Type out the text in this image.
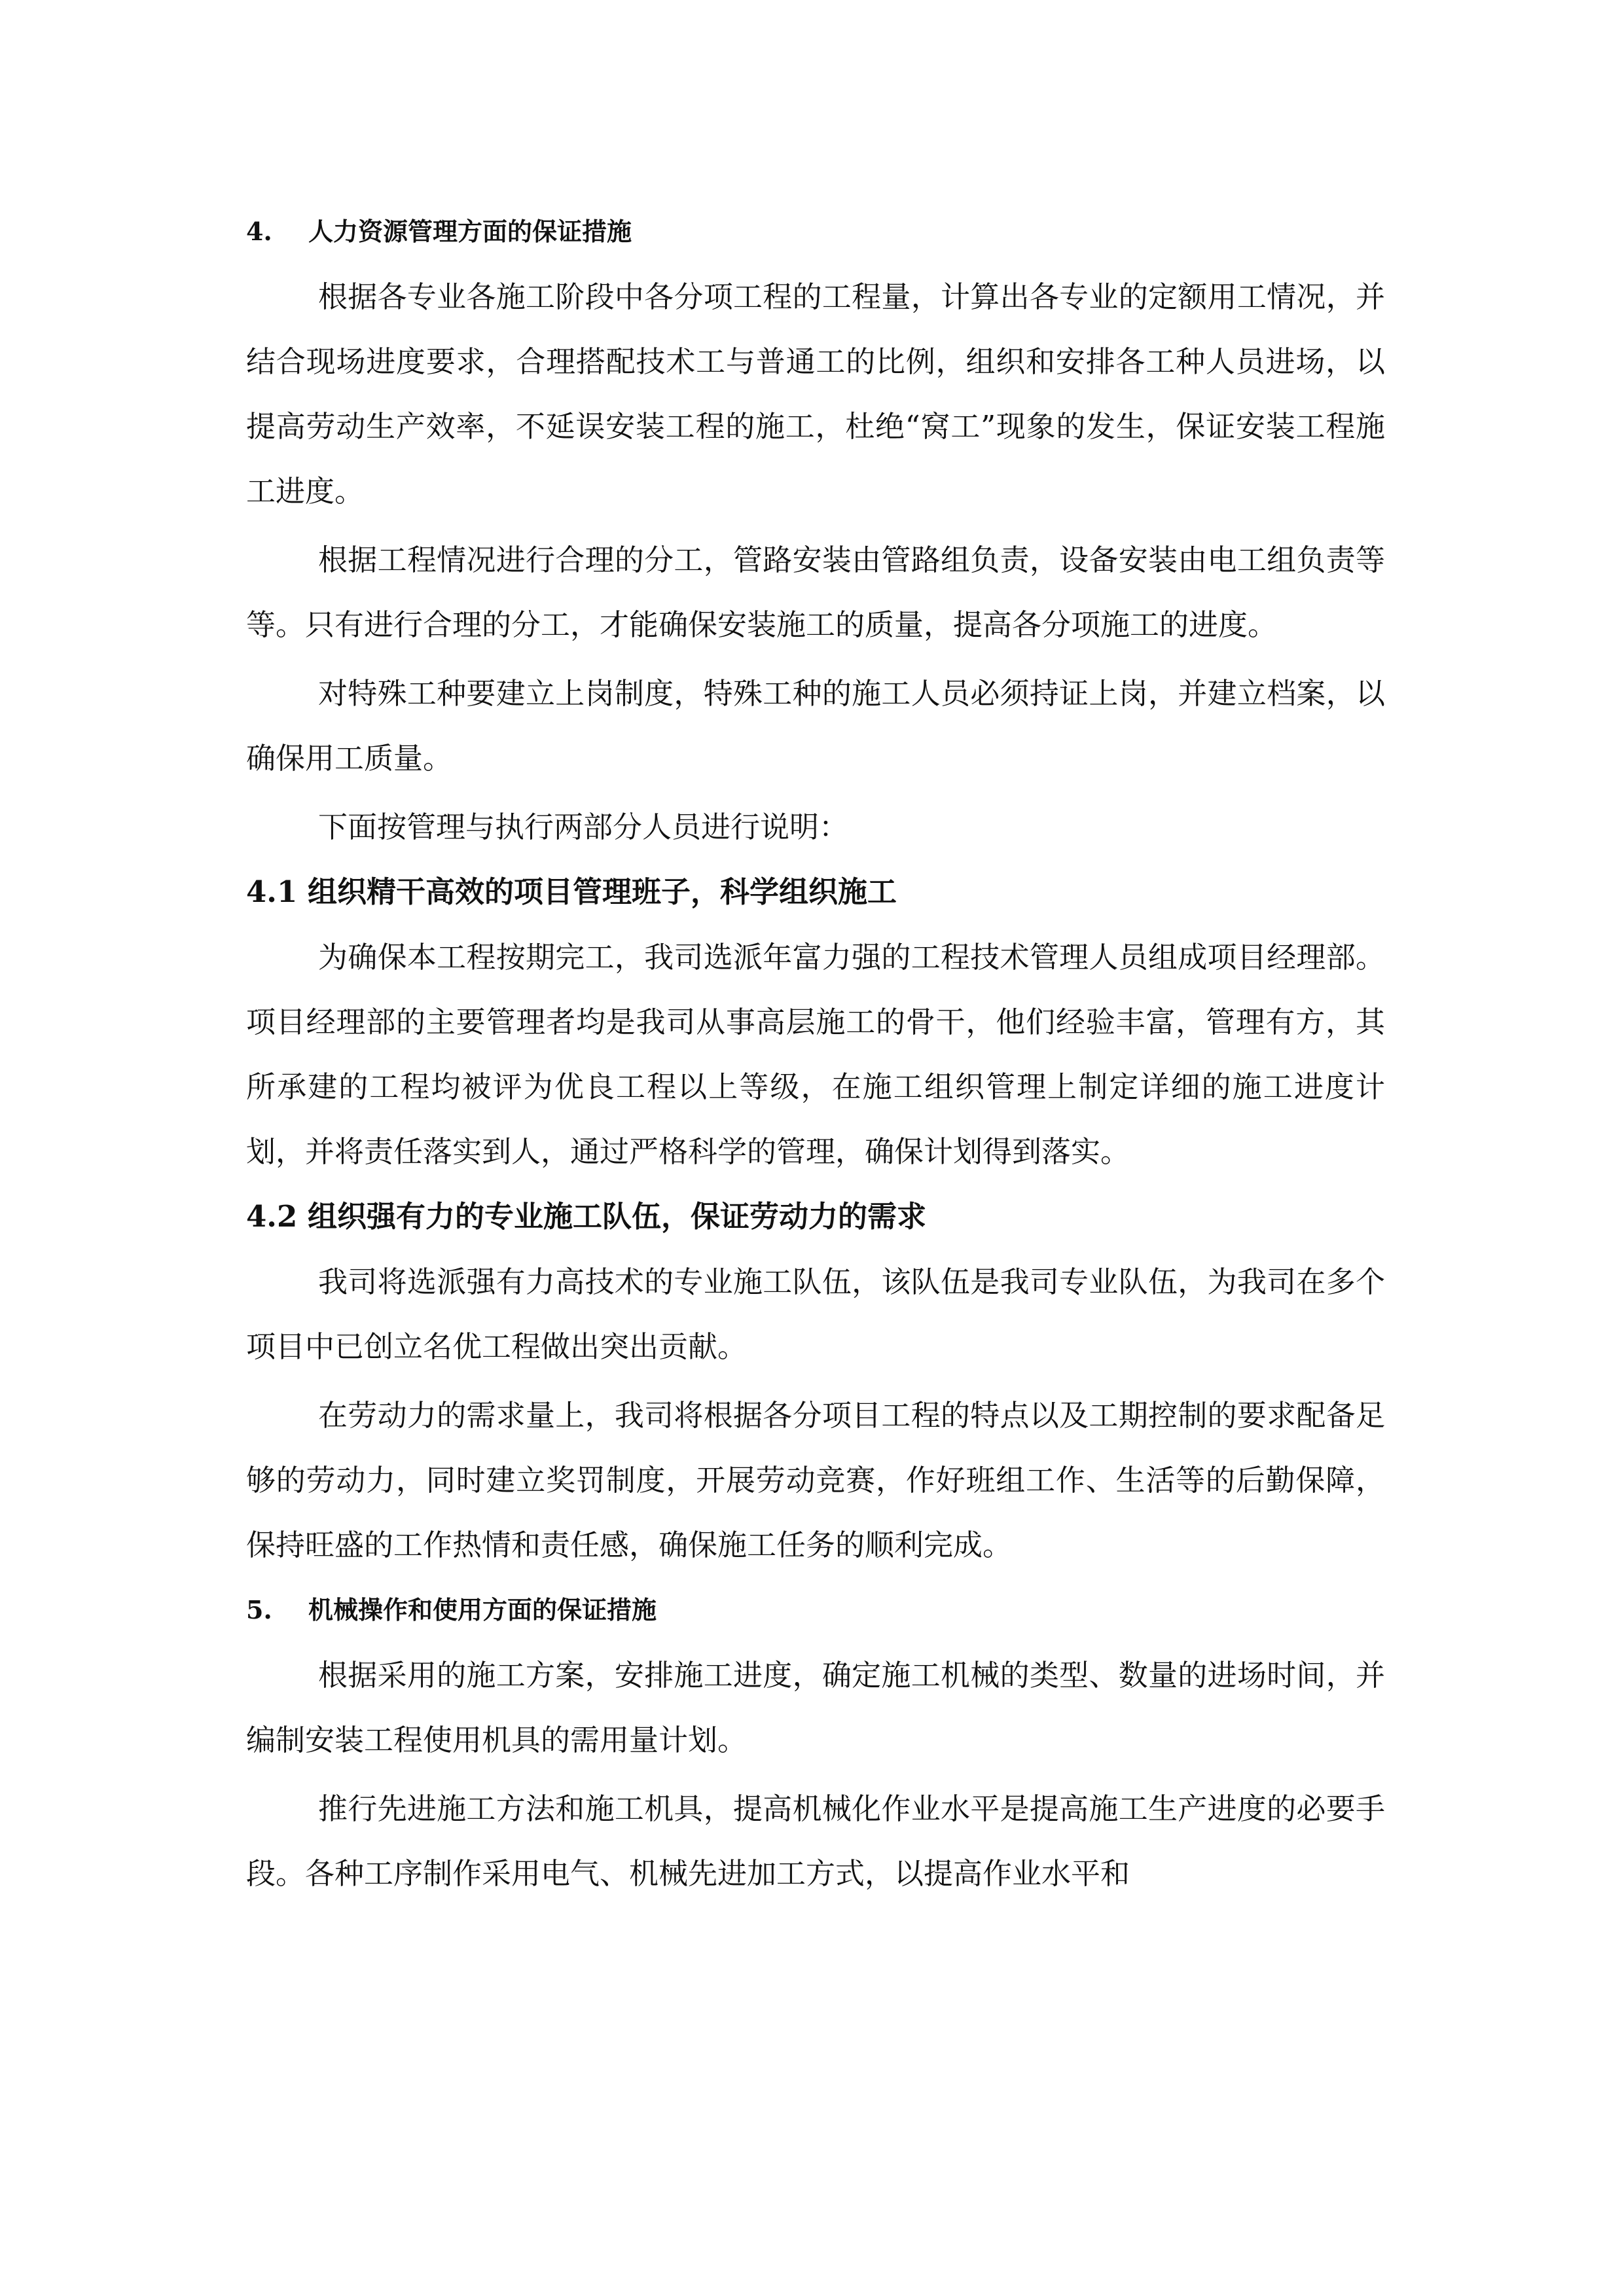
4. 人力资源管理方面的保证措施

根据各专业各施工阶段中各分项工程的工程量，计算出各专业的定额用工情况，并结合现场进度要求，合理搭配技术工与普通工的比例，组织和安排各工种人员进场，以提高劳动生产效率，不延误安装工程的施工，杜绝“窝工”现象的发生，保证安装工程施工进度。

根据工程情况进行合理的分工，管路安装由管路组负责，设备安装由电工组负责等等。只有进行合理的分工，才能确保安装施工的质量，提高各分项施工的进度。

对特殊工种要建立上岗制度，特殊工种的施工人员必须持证上岗，并建立档案，以确保用工质量。

下面按管理与执行两部分人员进行说明：

4.1 组织精干高效的项目管理班子，科学组织施工

为确保本工程按期完工，我司选派年富力强的工程技术管理人员组成项目经理部。项目经理部的主要管理者均是我司从事高层施工的骨干，他们经验丰富，管理有方，其所承建的工程均被评为优良工程以上等级，在施工组织管理上制定详细的施工进度计划，并将责任落实到人，通过严格科学的管理，确保计划得到落实。

4.2 组织强有力的专业施工队伍，保证劳动力的需求

我司将选派强有力高技术的专业施工队伍，该队伍是我司专业队伍，为我司在多个项目中已创立名优工程做出突出贡献。

在劳动力的需求量上，我司将根据各分项目工程的特点以及工期控制的要求配备足够的劳动力，同时建立奖罚制度，开展劳动竞赛，作好班组工作、生活等的后勤保障，保持旺盛的工作热情和责任感，确保施工任务的顺利完成。

5. 机械操作和使用方面的保证措施

根据采用的施工方案，安排施工进度，确定施工机械的类型、数量的进场时间，并编制安装工程使用机具的需用量计划。

推行先进施工方法和施工机具，提高机械化作业水平是提高施工生产进度的必要手段。各种工序制作采用电气、机械先进加工方式，以提高作业水平和
